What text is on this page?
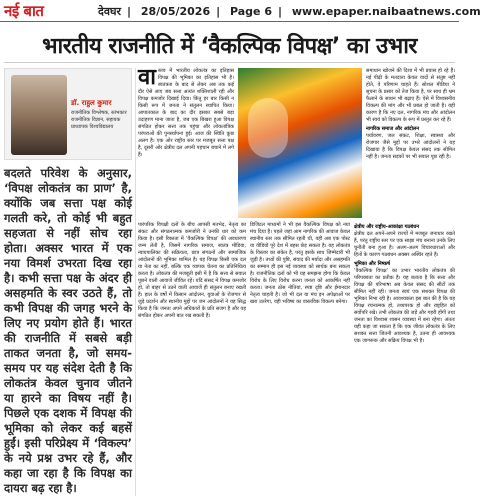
नई बात	देवघर | 28/05/2026 | Page 6 | www.epaper.naibaatnews.com
भारतीय राजनीति में ‘वैकल्पिक विपक्ष’ का उभार
डॉ. राहुल कुमार
राजनीतिक विश्लेषक, स्तंभकार राजनीतिक विज्ञान, सहायक प्राध्यापक विश्वविद्यालय
बदलते परिवेश के अनुसार, ‘विपक्ष लोकतंत्र का प्राण’ है, क्योंकि जब सत्ता पक्ष कोई गलती करे, तो कोई भी बहुत सहजता से नहीं सोच रहा होता। अक्सर भारत में एक नया विमर्श उभरता दिख रहा है। कभी सत्ता पक्ष के अंदर ही असहमति के स्वर उठते हैं, तो कभी विपक्ष की जगह भरने के लिए नए प्रयोग होते हैं। भारत की राजनीति में सबसे बड़ी ताकत जनता है, जो समय-समय पर यह संदेश देती है कि लोकतंत्र केवल चुनाव जीतने या हारने का विषय नहीं है। पिछले एक दशक में विपक्ष की भूमिका को लेकर कई बहसें हुईं। इसी परिप्रेक्ष्य में ‘विकल्प’ के नये प्रश्न उभर रहे हैं, और कहा जा रहा है कि विपक्ष का दायरा बढ़ रहा है।
वा स्तव में भारतीय लोकतंत्र का इतिहास विपक्ष की भूमिका का इतिहास भी है। स्वतंत्रता के बाद से लेकर अब तक कई दौर ऐसे आए जब सत्ता अत्यंत शक्तिशाली रही और विपक्ष कमजोर दिखाई दिया। किंतु हर बार किसी न किसी रूप में जनता ने संतुलन स्थापित किया। आपातकाल के बाद का दौर इसका सबसे बड़ा उदाहरण माना जाता है, जब एक बिखरा हुआ विपक्ष संगठित होकर सत्ता तक पहुंचा और लोकतांत्रिक परंपराओं की पुनर्स्थापना हुई। आज की स्थिति कुछ अलग है। एक ओर राष्ट्रीय स्तर पर मजबूत सत्ता पक्ष है, दूसरी ओर क्षेत्रीय दल अपनी पहचान बचाने में लगे हैं।
समाधान खोजने की दिशा में भी प्रयास हो रहे हैं। नई पीढ़ी के मतदाता केवल वादों से संतुष्ट नहीं होते, वे परिणाम चाहते हैं। सोशल मीडिया ने सूचना के प्रसार को तेज किया है, पर साथ ही भ्रम फैलाने के साधन भी बढ़ाए हैं। ऐसे में विश्वसनीय विकल्प की मांग और भी प्रबल हो जाती है। यही कारण है कि नए दल, नागरिक मंच और आंदोलन भी स्वयं को विकल्प के रूप में प्रस्तुत कर रहे हैं।
नागरिक समाज और आंदोलन
पर्यावरण, जल संकट, शिक्षा, स्वास्थ्य और रोजगार जैसे मुद्दों पर उभरे आंदोलनों ने यह दिखाया है कि विपक्ष केवल संसद तक सीमित नहीं है। जनता सड़कों पर भी सवाल पूछ रही है।
पारंपरिक विपक्षी दलों के बीच आपसी मतभेद, नेतृत्व का संकट और संगठनात्मक कमजोरी ने उनकी धार को कम किया है। इसी रिक्तता में ‘वैकल्पिक विपक्ष’ की अवधारणा जन्म लेती है, जिसमें नागरिक समाज, स्वतंत्र मीडिया, न्यायपालिका की सक्रियता, छात्र संगठनों और सामाजिक आंदोलनों की भूमिका शामिल है। यह विपक्ष किसी एक दल या नेता का नहीं, बल्कि एक व्यापक चेतना का प्रतिनिधित्व करता है। लोकतंत्र की मजबूती इसी में है कि सत्ता से सवाल पूछने वाली आवाजें जीवित रहें। यदि संसद में विपक्ष कमजोर हो, तो बाहर से उठने वाली आवाजें ही संतुलन बनाए रखती हैं। हाल के वर्षों में किसान आंदोलन, युवाओं के रोजगार से जुड़े प्रदर्शन और स्थानीय मुद्दों पर जन आंदोलनों ने यह सिद्ध किया है कि जनता अपने अधिकारों के प्रति सजग है और वह संगठित होकर अपनी बात रख सकती है।
डिजिटल माध्यमों ने भी इस वैकल्पिक विपक्ष को नया मंच दिया है। पहले जहां आम नागरिक की आवाज केवल स्थानीय स्तर तक सीमित रहती थी, वहीं अब एक पोस्ट या वीडियो पूरे देश में बहस छेड़ सकता है। यह लोकतंत्र के विस्तार का संकेत है, परंतु इसके साथ जिम्मेदारी भी जुड़ी है। तथ्यों की पुष्टि, संवाद की मर्यादा और असहमति का सम्मान ही इस नई व्यवस्था को सार्थक बना सकता है। राजनीतिक दलों को भी यह समझना होगा कि केवल विरोध के लिए विरोध करना जनता को आकर्षित नहीं करता। जनता ठोस नीतियां, स्पष्ट दृष्टि और ईमानदार नेतृत्व चाहती है। जो भी दल या मंच इन अपेक्षाओं पर खरा उतरेगा, वही भविष्य का वास्तविक विकल्प बनेगा।
क्षेत्रीय और राष्ट्रीय-आकांक्षा गठबंधन
क्षेत्रीय दल अपने-अपने राज्यों में मजबूत जनाधार रखते हैं, परंतु राष्ट्रीय स्तर पर एक साझा मंच बनाना उनके लिए चुनौती बना हुआ है। अलग-अलग विचारधाराओं और हितों के कारण गठबंधन अक्सर अस्थिर रहते हैं।
भूमिका और निष्कर्ष
‘वैकल्पिक विपक्ष’ का उभार भारतीय लोकतंत्र की परिपक्वता का प्रतीक है। यह बताता है कि सत्ता और विपक्ष की परिभाषा अब केवल संसद की सीटों तक सीमित नहीं रही। जनता स्वयं एक सशक्त विपक्ष की भूमिका निभा रही है। आवश्यकता इस बात की है कि यह विपक्ष रचनात्मक हो, तथ्यपरक हो और राष्ट्रहित को सर्वोपरि रखे। तभी लोकतंत्र की जड़ें और गहरी होंगी तथा जनता का विश्वास शासन व्यवस्था में बना रहेगा। अंततः यही कहा जा सकता है कि एक जीवंत लोकतंत्र के लिए सशक्त सत्ता जितनी आवश्यक है, उतना ही आवश्यक एक जागरूक और सक्रिय विपक्ष भी है।
